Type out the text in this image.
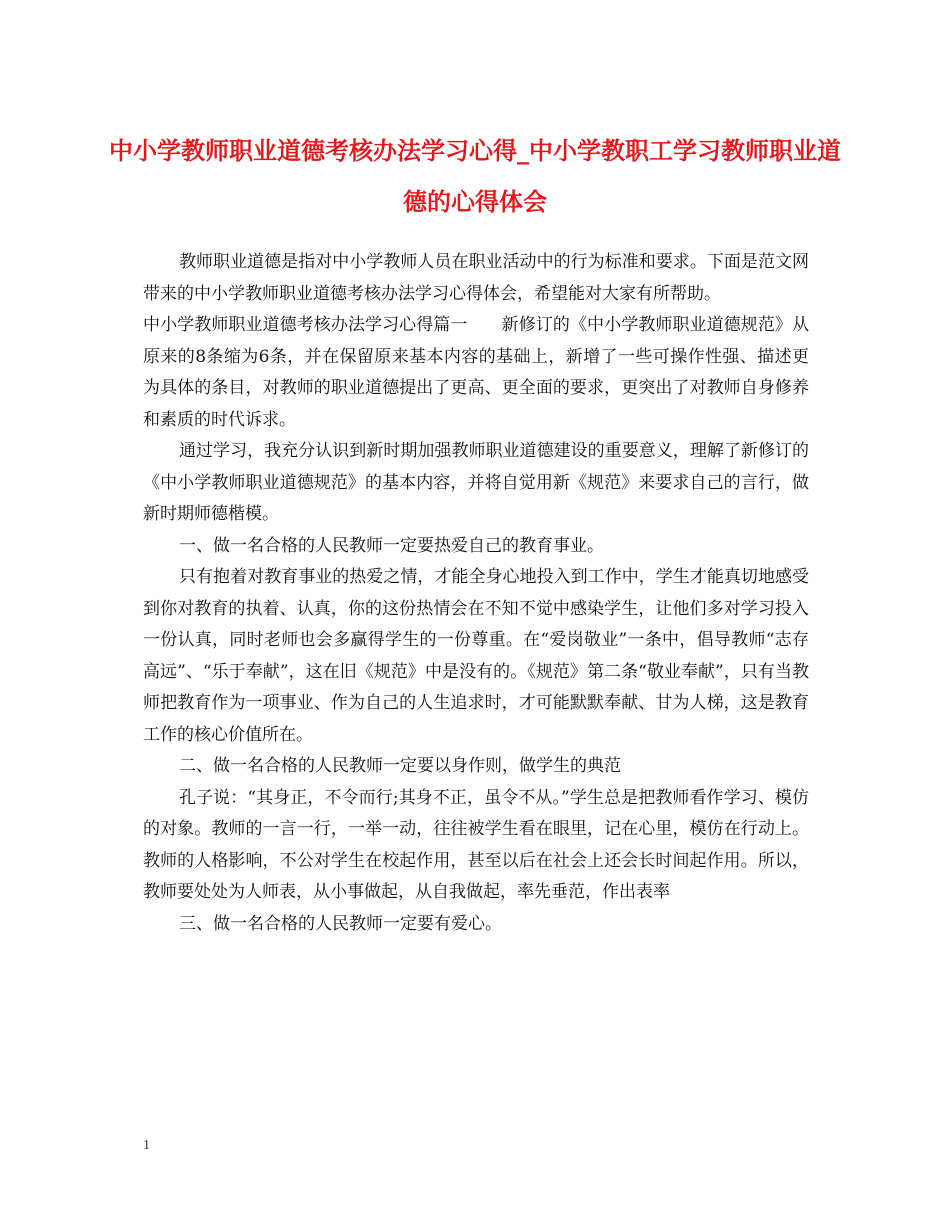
中小学教师职业道德考核办法学习心得_中小学教职工学习教师职业道德的心得体会

教师职业道德是指对中小学教师人员在职业活动中的行为标准和要求。下面是范文网带来的中小学教师职业道德考核办法学习心得体会，希望能对大家有所帮助。

中小学教师职业道德考核办法学习心得篇一　　新修订的《中小学教师职业道德规范》从原来的8条缩为6条，并在保留原来基本内容的基础上，新增了一些可操作性强、描述更为具体的条目，对教师的职业道德提出了更高、更全面的要求，更突出了对教师自身修养和素质的时代诉求。

通过学习，我充分认识到新时期加强教师职业道德建设的重要意义，理解了新修订的《中小学教师职业道德规范》的基本内容，并将自觉用新《规范》来要求自己的言行，做新时期师德楷模。

一、做一名合格的人民教师一定要热爱自己的教育事业。

只有抱着对教育事业的热爱之情，才能全身心地投入到工作中，学生才能真切地感受到你对教育的执着、认真，你的这份热情会在不知不觉中感染学生，让他们多对学习投入一份认真，同时老师也会多赢得学生的一份尊重。在“爱岗敬业”一条中，倡导教师“志存高远”、“乐于奉献”，这在旧《规范》中是没有的。《规范》第二条“敬业奉献”，只有当教师把教育作为一项事业、作为自己的人生追求时，才可能默默奉献、甘为人梯，这是教育工作的核心价值所在。

二、做一名合格的人民教师一定要以身作则，做学生的典范

孔子说：“其身正，不令而行;其身不正，虽令不从。”学生总是把教师看作学习、模仿的对象。教师的一言一行，一举一动，往往被学生看在眼里，记在心里，模仿在行动上。教师的人格影响，不公对学生在校起作用，甚至以后在社会上还会长时间起作用。所以，教师要处处为人师表，从小事做起，从自我做起，率先垂范，作出表率

三、做一名合格的人民教师一定要有爱心。

1
